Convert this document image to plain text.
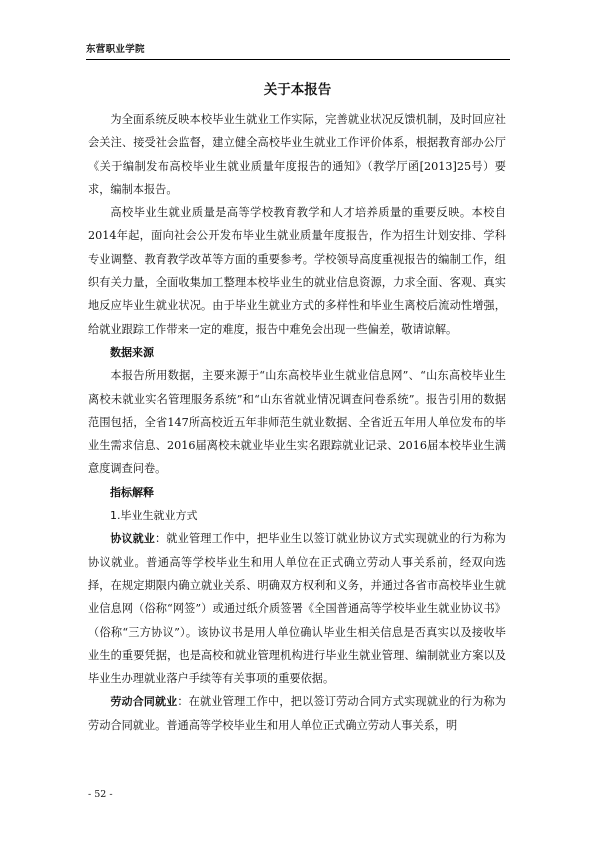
东营职业学院
关于本报告

为全面系统反映本校毕业生就业工作实际，完善就业状况反馈机制，及时回应社会关注、接受社会监督，建立健全高校毕业生就业工作评价体系，根据教育部办公厅《关于编制发布高校毕业生就业质量年度报告的通知》（教学厅函[2013]25号）要求，编制本报告。

高校毕业生就业质量是高等学校教育教学和人才培养质量的重要反映。本校自2014年起，面向社会公开发布毕业生就业质量年度报告，作为招生计划安排、学科专业调整、教育教学改革等方面的重要参考。学校领导高度重视报告的编制工作，组织有关力量，全面收集加工整理本校毕业生的就业信息资源，力求全面、客观、真实地反应毕业生就业状况。由于毕业生就业方式的多样性和毕业生离校后流动性增强，给就业跟踪工作带来一定的难度，报告中难免会出现一些偏差，敬请谅解。

数据来源

本报告所用数据，主要来源于“山东高校毕业生就业信息网”、“山东高校毕业生离校未就业实名管理服务系统”和“山东省就业情况调查问卷系统”。报告引用的数据范围包括，全省147所高校近五年非师范生就业数据、全省近五年用人单位发布的毕业生需求信息、2016届离校未就业毕业生实名跟踪就业记录、2016届本校毕业生满意度调查问卷。

指标解释

1.毕业生就业方式

协议就业：就业管理工作中，把毕业生以签订就业协议方式实现就业的行为称为协议就业。普通高等学校毕业生和用人单位在正式确立劳动人事关系前，经双向选择，在规定期限内确立就业关系、明确双方权利和义务，并通过各省市高校毕业生就业信息网（俗称“网签”）或通过纸介质签署《全国普通高等学校毕业生就业协议书》（俗称“三方协议”）。该协议书是用人单位确认毕业生相关信息是否真实以及接收毕业生的重要凭据，也是高校和就业管理机构进行毕业生就业管理、编制就业方案以及毕业生办理就业落户手续等有关事项的重要依据。

劳动合同就业：在就业管理工作中，把以签订劳动合同方式实现就业的行为称为劳动合同就业。普通高等学校毕业生和用人单位正式确立劳动人事关系，明

- 52 -
